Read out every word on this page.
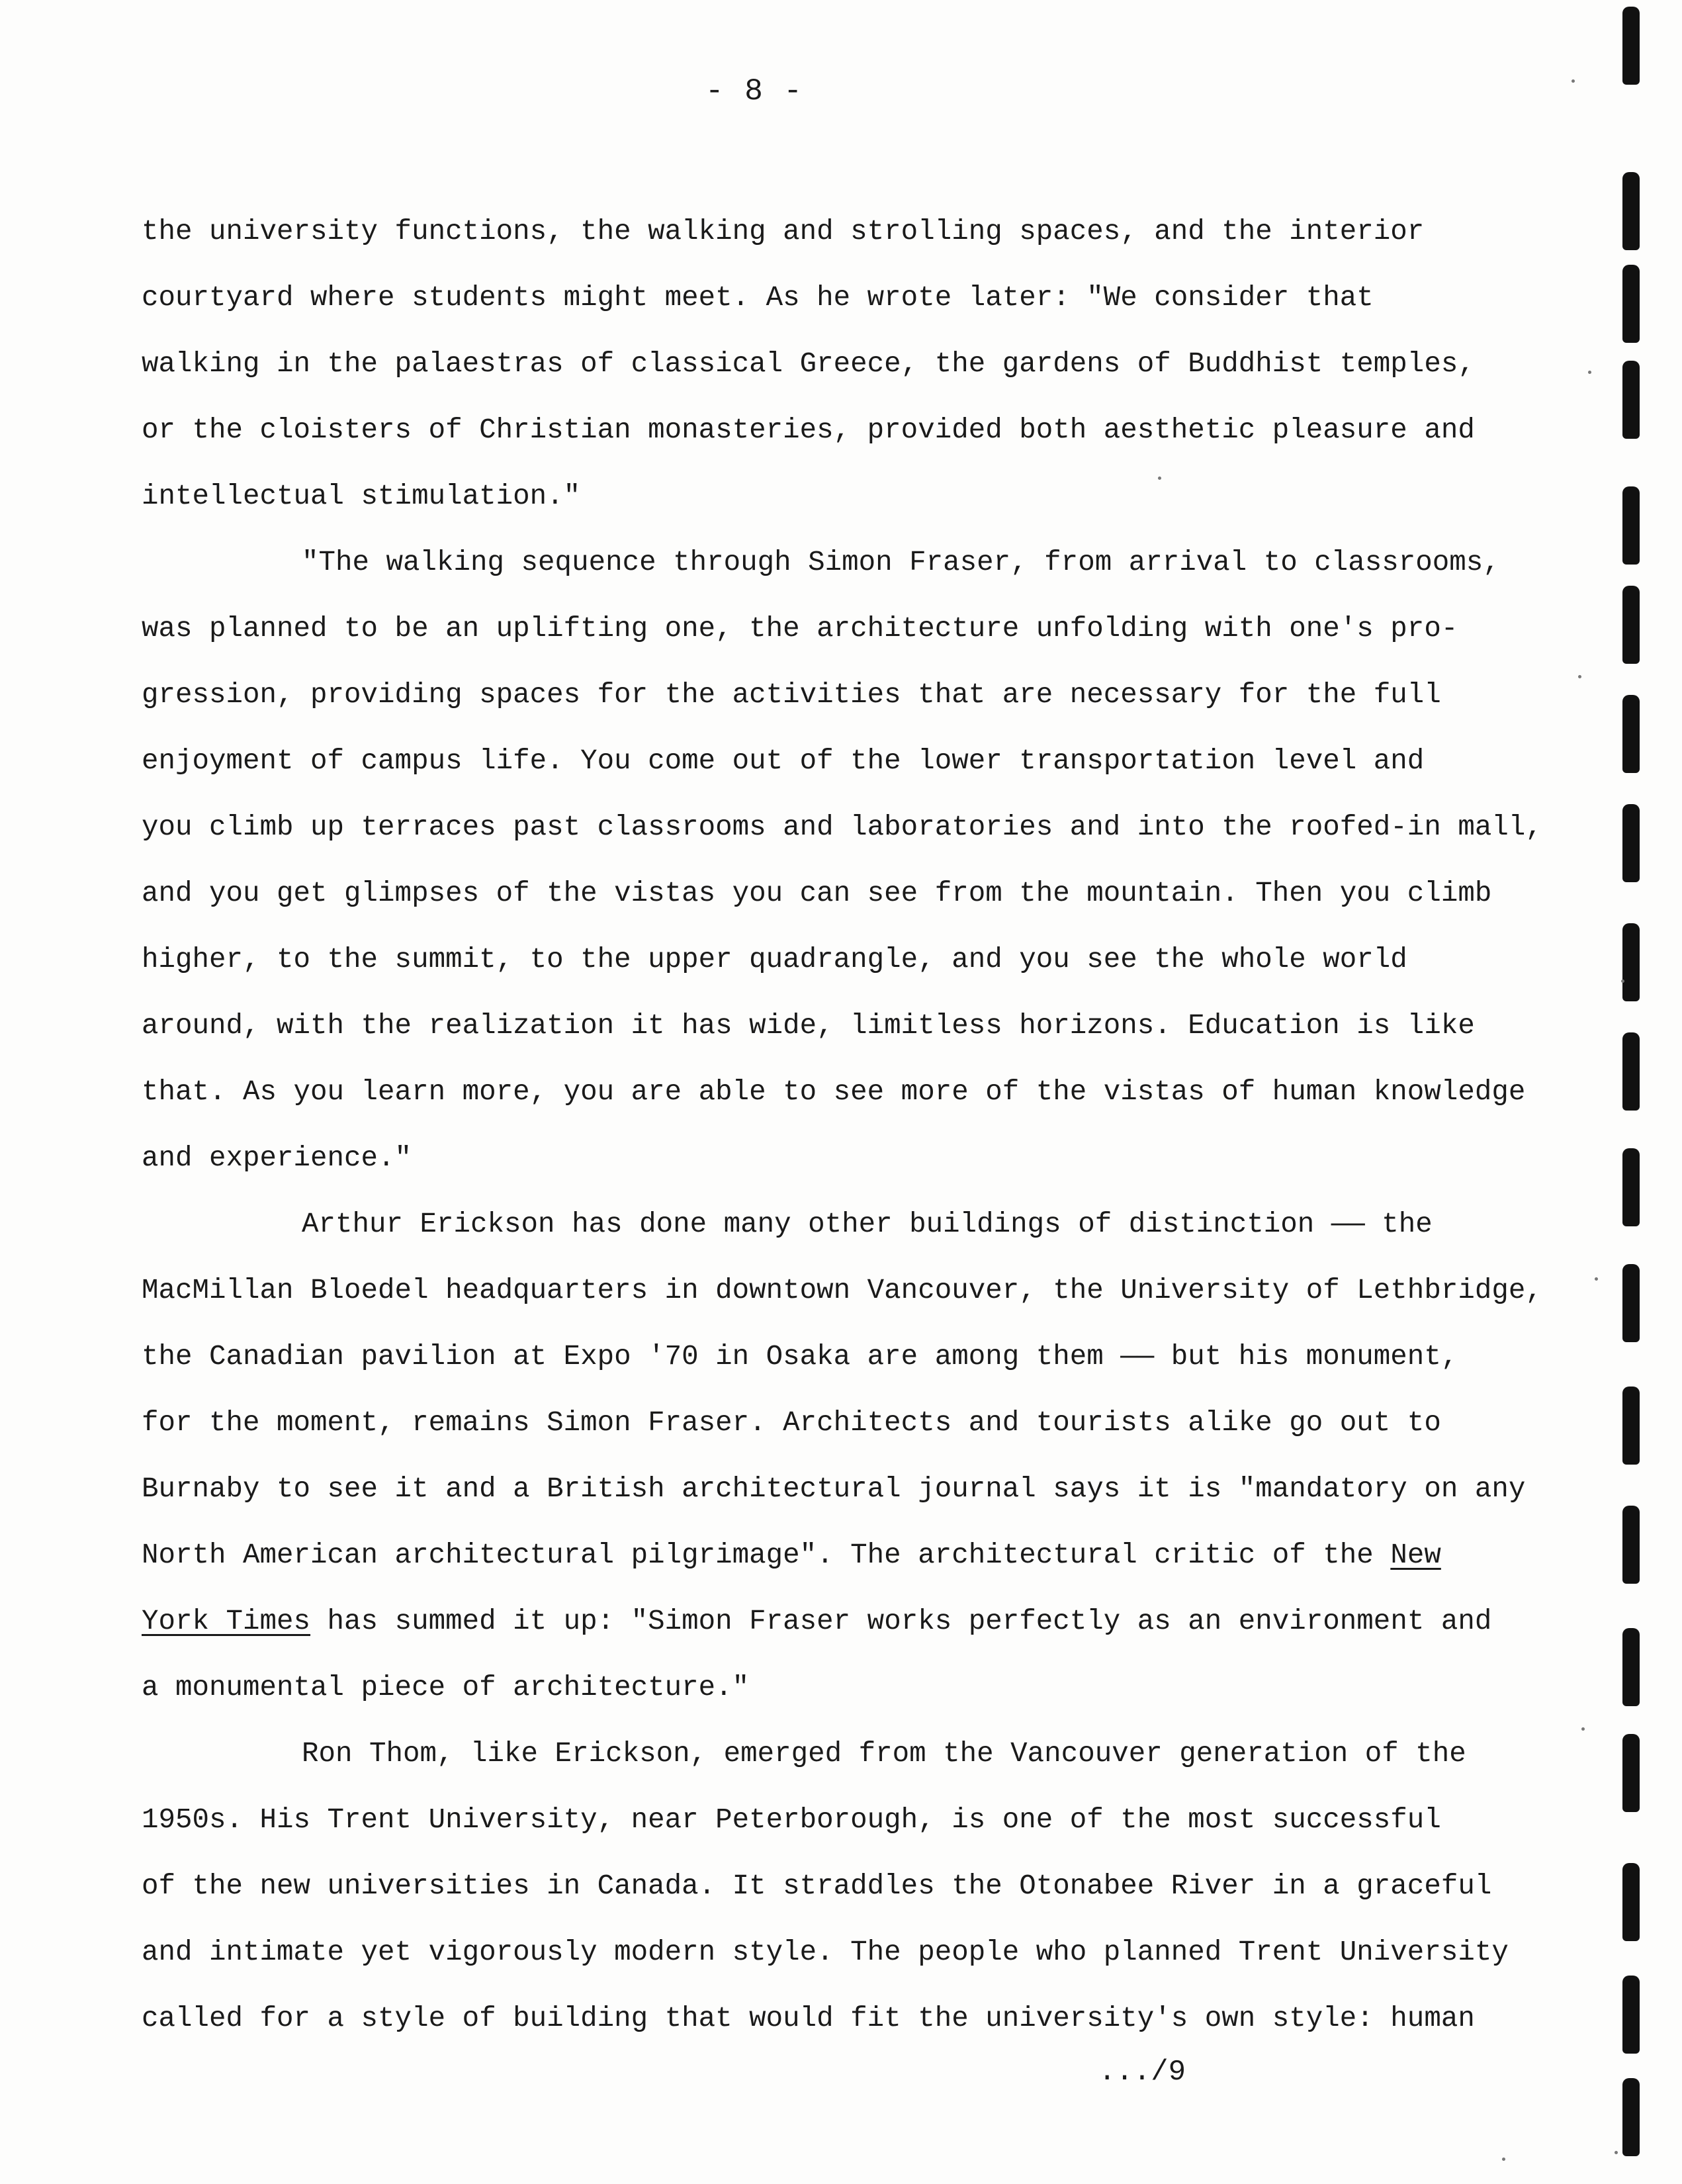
- 8 -
the university functions, the walking and strolling spaces, and the interior
courtyard where students might meet. As he wrote later: "We consider that
walking in the palaestras of classical Greece, the gardens of Buddhist temples,
or the cloisters of Christian monasteries, provided both aesthetic pleasure and
intellectual stimulation."
"The walking sequence through Simon Fraser, from arrival to classrooms,
was planned to be an uplifting one, the architecture unfolding with one's pro-
gression, providing spaces for the activities that are necessary for the full
enjoyment of campus life. You come out of the lower transportation level and
you climb up terraces past classrooms and laboratories and into the roofed-in mall,
and you get glimpses of the vistas you can see from the mountain. Then you climb
higher, to the summit, to the upper quadrangle, and you see the whole world
around, with the realization it has wide, limitless horizons. Education is like
that. As you learn more, you are able to see more of the vistas of human knowledge
and experience."
Arthur Erickson has done many other buildings of distinction —— the
MacMillan Bloedel headquarters in downtown Vancouver, the University of Lethbridge,
the Canadian pavilion at Expo '70 in Osaka are among them —— but his monument,
for the moment, remains Simon Fraser. Architects and tourists alike go out to
Burnaby to see it and a British architectural journal says it is "mandatory on any
North American architectural pilgrimage". The architectural critic of the New
York Times has summed it up: "Simon Fraser works perfectly as an environment and
a monumental piece of architecture."
Ron Thom, like Erickson, emerged from the Vancouver generation of the
1950s. His Trent University, near Peterborough, is one of the most successful
of the new universities in Canada. It straddles the Otonabee River in a graceful
and intimate yet vigorously modern style. The people who planned Trent University
called for a style of building that would fit the university's own style: human
.../9
